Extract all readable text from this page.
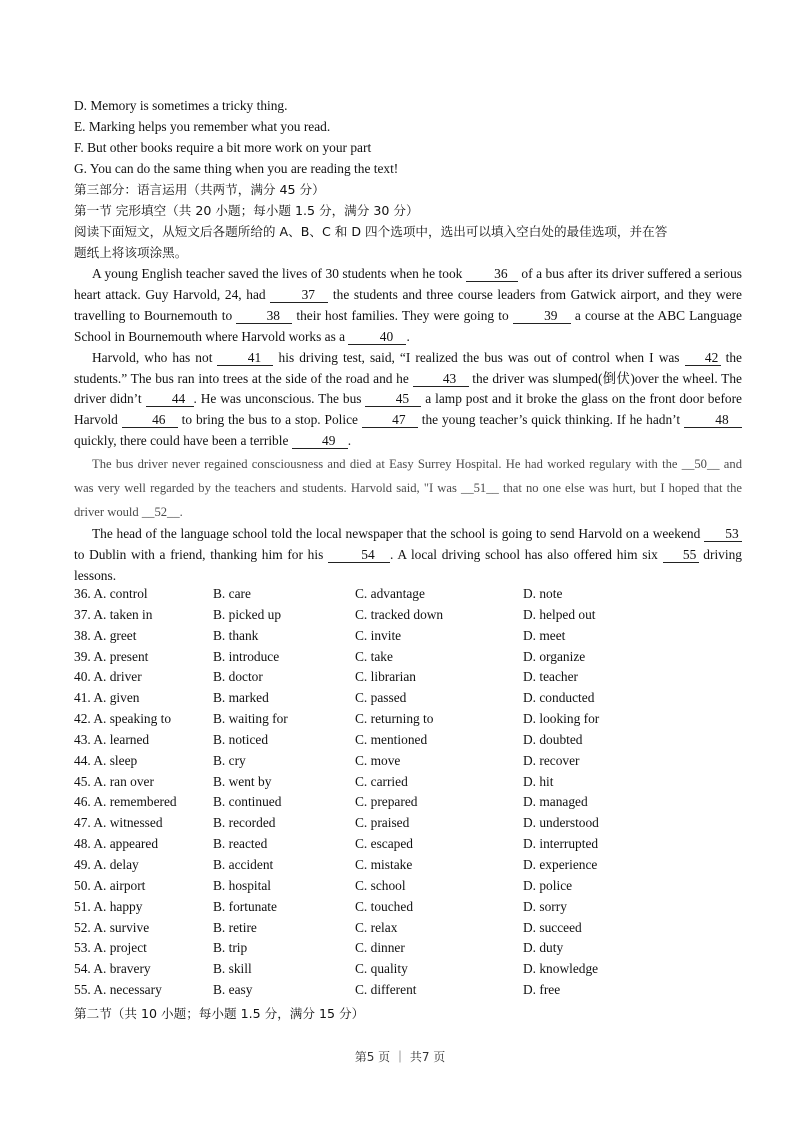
D. Memory is sometimes a tricky thing.
E. Marking helps you remember what you read.
F. But other books require a bit more work on your part
G. You can do the same thing when you are reading the text!
第三部分：语言运用（共两节，满分 45 分）
第一节 完形填空（共 20 小题；每小题 1.5 分，满分 30 分）
阅读下面短文，从短文后各题所给的 A、B、C 和 D 四个选项中，选出可以填入空白处的最佳选项，并在答
题纸上将该项涂黑。

A young English teacher saved the lives of 30 students when he took 36 of a bus after its driver suffered a serious heart attack. Guy Harvold, 24, had 37 the students and three course leaders from Gatwick airport, and they were travelling to Bournemouth to 38 their host families. They were going to 39 a course at the ABC Language School in Bournemouth where Harvold works as a 40 .

Harvold, who has not 41 his driving test, said, “I realized the bus was out of control when I was 42 the students.” The bus ran into trees at the side of the road and he 43 the driver was slumped(倒伏)over the wheel. The driver didn’t 44 . He was unconscious. The bus 45 a lamp post and it broke the glass on the front door before Harvold 46 to bring the bus to a stop. Police 47 the young teacher’s quick thinking. If he hadn’t 48 quickly, there could have been a terrible 49 .

The bus driver never regained consciousness and died at Easy Surrey Hospital. He had worked regulary with the __50__ and was very well regarded by the teachers and students. Harvold said, "I was __51__ that no one else was hurt, but I hoped that the driver would __52__.

The head of the language school told the local newspaper that the school is going to send Harvold on a weekend 53 to Dublin with a friend, thanking him for his 54 . A local driving school has also offered him six 55 driving lessons.

36. A. control	B. care	C. advantage	D. note
37. A. taken in	B. picked up	C. tracked down	D. helped out
38. A. greet	B. thank	C. invite	D. meet
39. A. present	B. introduce	C. take	D. organize
40. A. driver	B. doctor	C. librarian	D. teacher
41. A. given	B. marked	C. passed	D. conducted
42. A. speaking to	B. waiting for	C. returning to	D. looking for
43. A. learned	B. noticed	C. mentioned	D. doubted
44. A. sleep	B. cry	C. move	D. recover
45. A. ran over	B. went by	C. carried	D. hit
46. A. remembered	B. continued	C. prepared	D. managed
47. A. witnessed	B. recorded	C. praised	D. understood
48. A. appeared	B. reacted	C. escaped	D. interrupted
49. A. delay	B. accident	C. mistake	D. experience
50. A. airport	B. hospital	C. school	D. police
51. A. happy	B. fortunate	C. touched	D. sorry
52. A. survive	B. retire	C. relax	D. succeed
53. A. project	B. trip	C. dinner	D. duty
54. A. bravery	B. skill	C. quality	D. knowledge
55. A. necessary	B. easy	C. different	D. free
第二节（共 10 小题；每小题 1.5 分，满分 15 分）
第5 页 ｜ 共7 页
